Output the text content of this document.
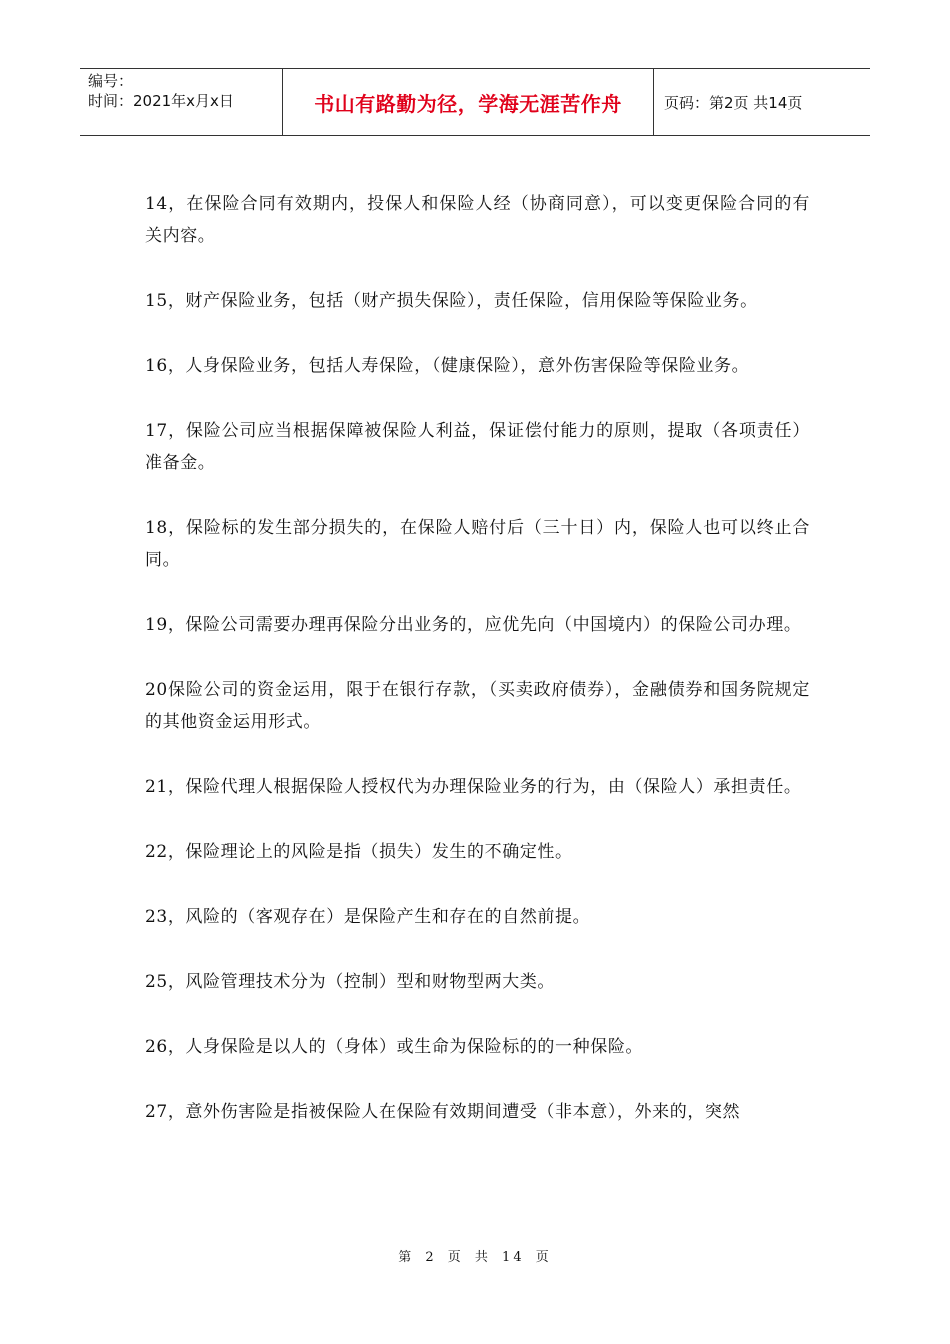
编号：
时间：2021年x月x日	书山有路勤为径，学海无涯苦作舟	页码：第2页 共14页

14，在保险合同有效期内，投保人和保险人经（协商同意），可以变更保险合同的有关内容。

15，财产保险业务，包括（财产损失保险），责任保险，信用保险等保险业务。

16，人身保险业务，包括人寿保险，（健康保险），意外伤害保险等保险业务。

17，保险公司应当根据保障被保险人利益，保证偿付能力的原则，提取（各项责任）准备金。

18，保险标的发生部分损失的，在保险人赔付后（三十日）内，保险人也可以终止合同。

19，保险公司需要办理再保险分出业务的，应优先向（中国境内）的保险公司办理。

20保险公司的资金运用，限于在银行存款，（买卖政府债券），金融债券和国务院规定的其他资金运用形式。

21，保险代理人根据保险人授权代为办理保险业务的行为，由（保险人）承担责任。

22，保险理论上的风险是指（损失）发生的不确定性。

23，风险的（客观存在）是保险产生和存在的自然前提。

25，风险管理技术分为（控制）型和财物型两大类。

26，人身保险是以人的（身体）或生命为保险标的的一种保险。

27，意外伤害险是指被保险人在保险有效期间遭受（非本意），外来的，突然

第 2 页 共 14 页
